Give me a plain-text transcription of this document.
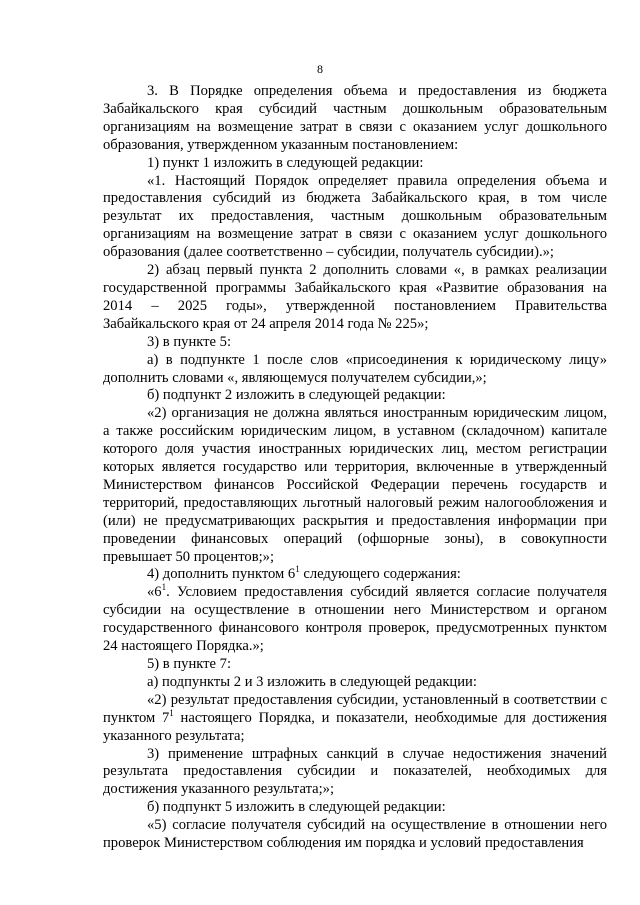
8

3. В Порядке определения объема и предоставления из бюджета Забайкальского края субсидий частным дошкольным образовательным организациям на возмещение затрат в связи с оказанием услуг дошкольного образования, утвержденном указанным постановлением:

1) пункт 1 изложить в следующей редакции:

«1. Настоящий Порядок определяет правила определения объема и предоставления субсидий из бюджета Забайкальского края, в том числе результат их предоставления, частным дошкольным образовательным организациям на возмещение затрат в связи с оказанием услуг дошкольного образования (далее соответственно – субсидии, получатель субсидии).»;

2) абзац первый пункта 2 дополнить словами «, в рамках реализации государственной программы Забайкальского края «Развитие образования на 2014 – 2025 годы», утвержденной постановлением Правительства Забайкальского края от 24 апреля 2014 года № 225»;

3) в пункте 5:

а) в подпункте 1 после слов «присоединения к юридическому лицу» дополнить словами «, являющемуся получателем субсидии,»;

б) подпункт 2 изложить в следующей редакции:

«2) организация не должна являться иностранным юридическим лицом, а также российским юридическим лицом, в уставном (складочном) капитале которого доля участия иностранных юридических лиц, местом регистрации которых является государство или территория, включенные в утвержденный Министерством финансов Российской Федерации перечень государств и территорий, предоставляющих льготный налоговый режим налогообложения и (или) не предусматривающих раскрытия и предоставления информации при проведении финансовых операций (офшорные зоны), в совокупности превышает 50 процентов;»;

4) дополнить пунктом $6^1$ следующего содержания:

«$6^1$. Условием предоставления субсидий является согласие получателя субсидии на осуществление в отношении него Министерством и органом государственного финансового контроля проверок, предусмотренных пунктом 24 настоящего Порядка.»;

5) в пункте 7:

а) подпункты 2 и 3 изложить в следующей редакции:

«2) результат предоставления субсидии, установленный в соответствии с пунктом $7^1$ настоящего Порядка, и показатели, необходимые для достижения указанного результата;

3) применение штрафных санкций в случае недостижения значений результата предоставления субсидии и показателей, необходимых для достижения указанного результата;»;

б) подпункт 5 изложить в следующей редакции:

«5) согласие получателя субсидий на осуществление в отношении него проверок Министерством соблюдения им порядка и условий предоставления
